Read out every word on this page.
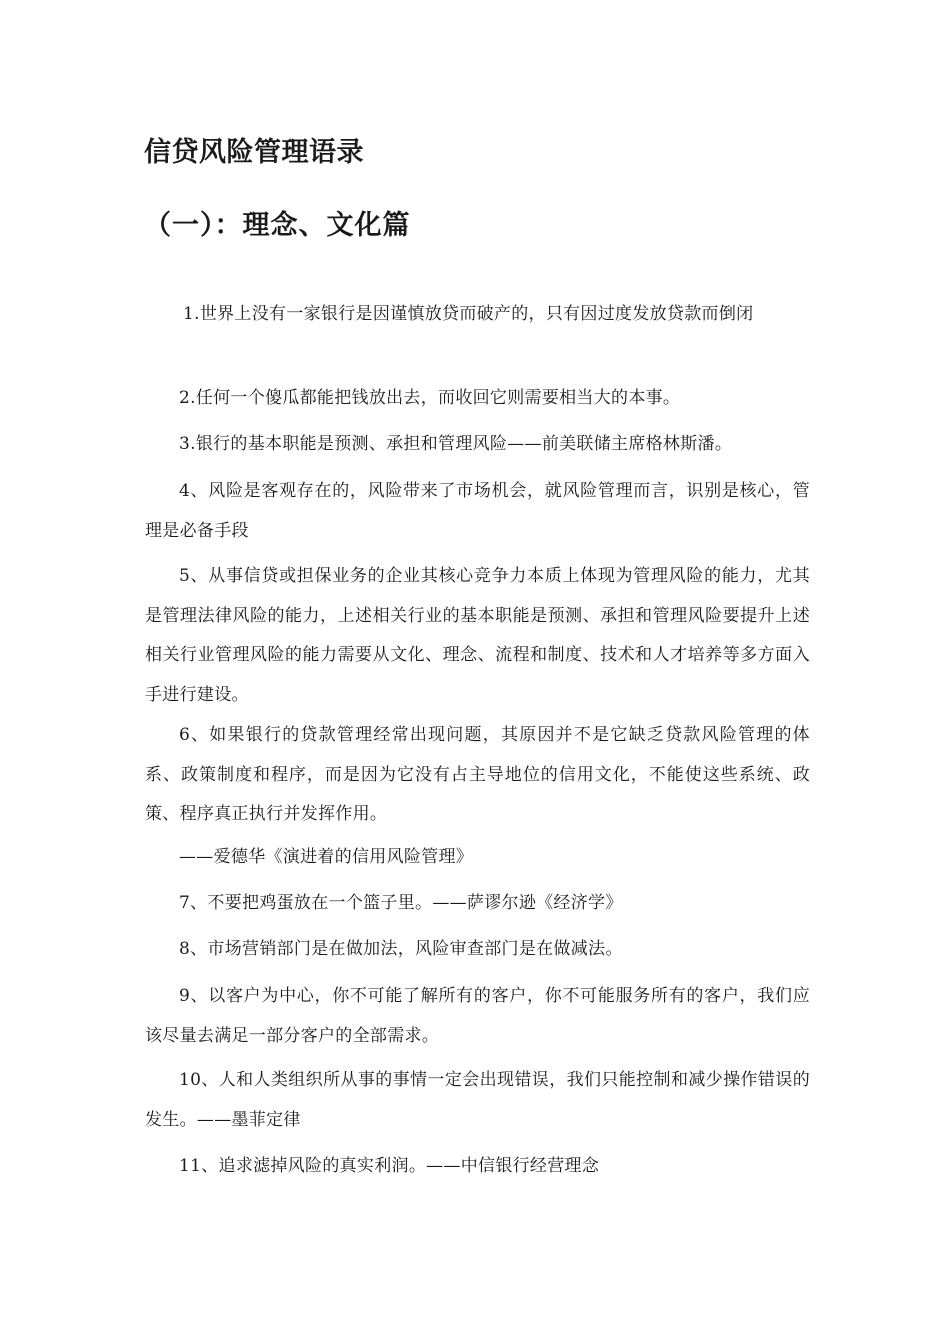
信贷风险管理语录
（一）：理念、文化篇

1.世界上没有一家银行是因谨慎放贷而破产的，只有因过度发放贷款而倒闭

2.任何一个傻瓜都能把钱放出去，而收回它则需要相当大的本事。

3.银行的基本职能是预测、承担和管理风险——前美联储主席格林斯潘。

4、风险是客观存在的，风险带来了市场机会，就风险管理而言，识别是核心，管理是必备手段

5、从事信贷或担保业务的企业其核心竞争力本质上体现为管理风险的能力，尤其是管理法律风险的能力，上述相关行业的基本职能是预测、承担和管理风险要提升上述相关行业管理风险的能力需要从文化、理念、流程和制度、技术和人才培养等多方面入手进行建设。

6、如果银行的贷款管理经常出现问题，其原因并不是它缺乏贷款风险管理的体系、政策制度和程序，而是因为它没有占主导地位的信用文化，不能使这些系统、政策、程序真正执行并发挥作用。

——爱德华《演进着的信用风险管理》

7、不要把鸡蛋放在一个篮子里。——萨谬尔逊《经济学》

8、市场营销部门是在做加法，风险审查部门是在做减法。

9、以客户为中心，你不可能了解所有的客户，你不可能服务所有的客户，我们应该尽量去满足一部分客户的全部需求。

10、人和人类组织所从事的事情一定会出现错误，我们只能控制和减少操作错误的发生。——墨菲定律

11、追求滤掉风险的真实利润。——中信银行经营理念
